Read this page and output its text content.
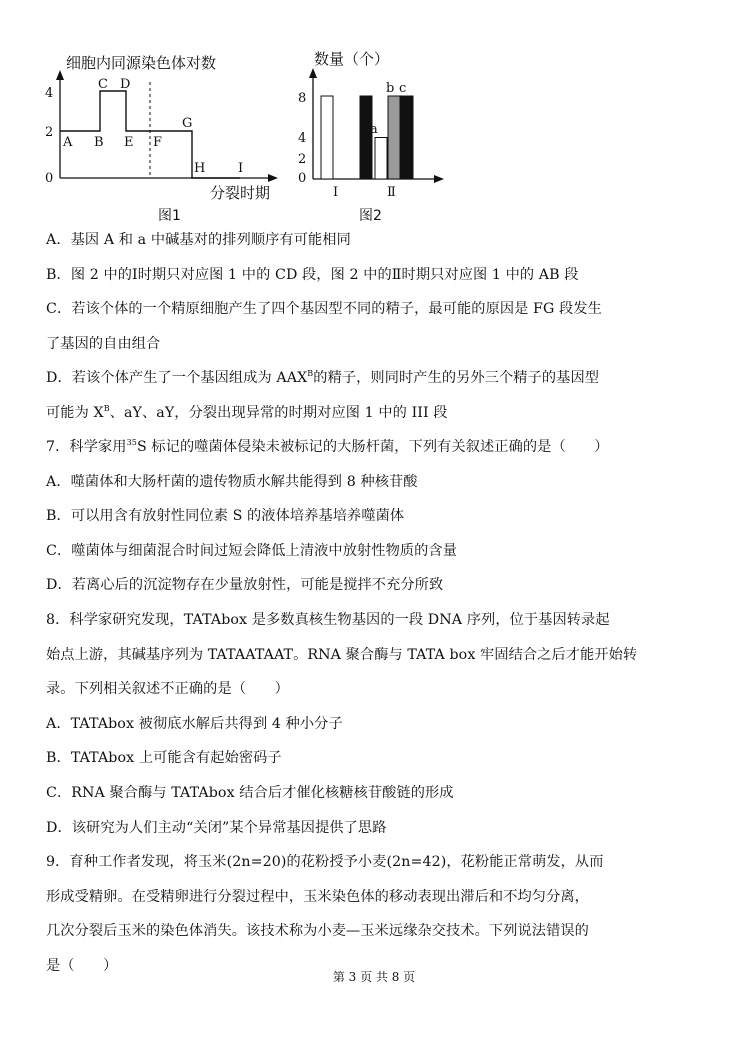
细胞内同源染色体对数
4
2
0
A B
C D
E F
G
H	I
分裂时期
图1
数量（个）
8
4
2
0
a
b c
Ⅰ	Ⅱ
图2
A．基因 A 和 a 中碱基对的排列顺序有可能相同
B．图 2 中的Ⅰ时期只对应图 1 中的 CD 段，图 2 中的Ⅱ时期只对应图 1 中的 AB 段
C．若该个体的一个精原细胞产生了四个基因型不同的精子，最可能的原因是 FG 段发生
了基因的自由组合
D．若该个体产生了一个基因组成为 $AAX^B$的精子，则同时产生的另外三个精子的基因型
可能为 $X^B$、aY、aY，分裂出现异常的时期对应图 1 中的 III 段
7．科学家用$^{35}$S 标记的噬菌体侵染未被标记的大肠杆菌，下列有关叙述正确的是（　　）
A．噬菌体和大肠杆菌的遗传物质水解共能得到 8 种核苷酸
B．可以用含有放射性同位素 S 的液体培养基培养噬菌体
C．噬菌体与细菌混合时间过短会降低上清液中放射性物质的含量
D．若离心后的沉淀物存在少量放射性，可能是搅拌不充分所致
8．科学家研究发现，TATAbox 是多数真核生物基因的一段 DNA 序列，位于基因转录起
始点上游，其碱基序列为 TATAATAAT。RNA 聚合酶与 TATA box 牢固结合之后才能开始转
录。下列相关叙述不正确的是（　　）
A．TATAbox 被彻底水解后共得到 4 种小分子
B．TATAbox 上可能含有起始密码子
C．RNA 聚合酶与 TATAbox 结合后才催化核糖核苷酸链的形成
D．该研究为人们主动“关闭”某个异常基因提供了思路
9．育种工作者发现，将玉米(2n=20)的花粉授予小麦(2n=42)，花粉能正常萌发，从而
形成受精卵。在受精卵进行分裂过程中，玉米染色体的移动表现出滞后和不均匀分离，
几次分裂后玉米的染色体消失。该技术称为小麦—玉米远缘杂交技术。下列说法错误的
是（　　）
第 3 页 共 8 页
